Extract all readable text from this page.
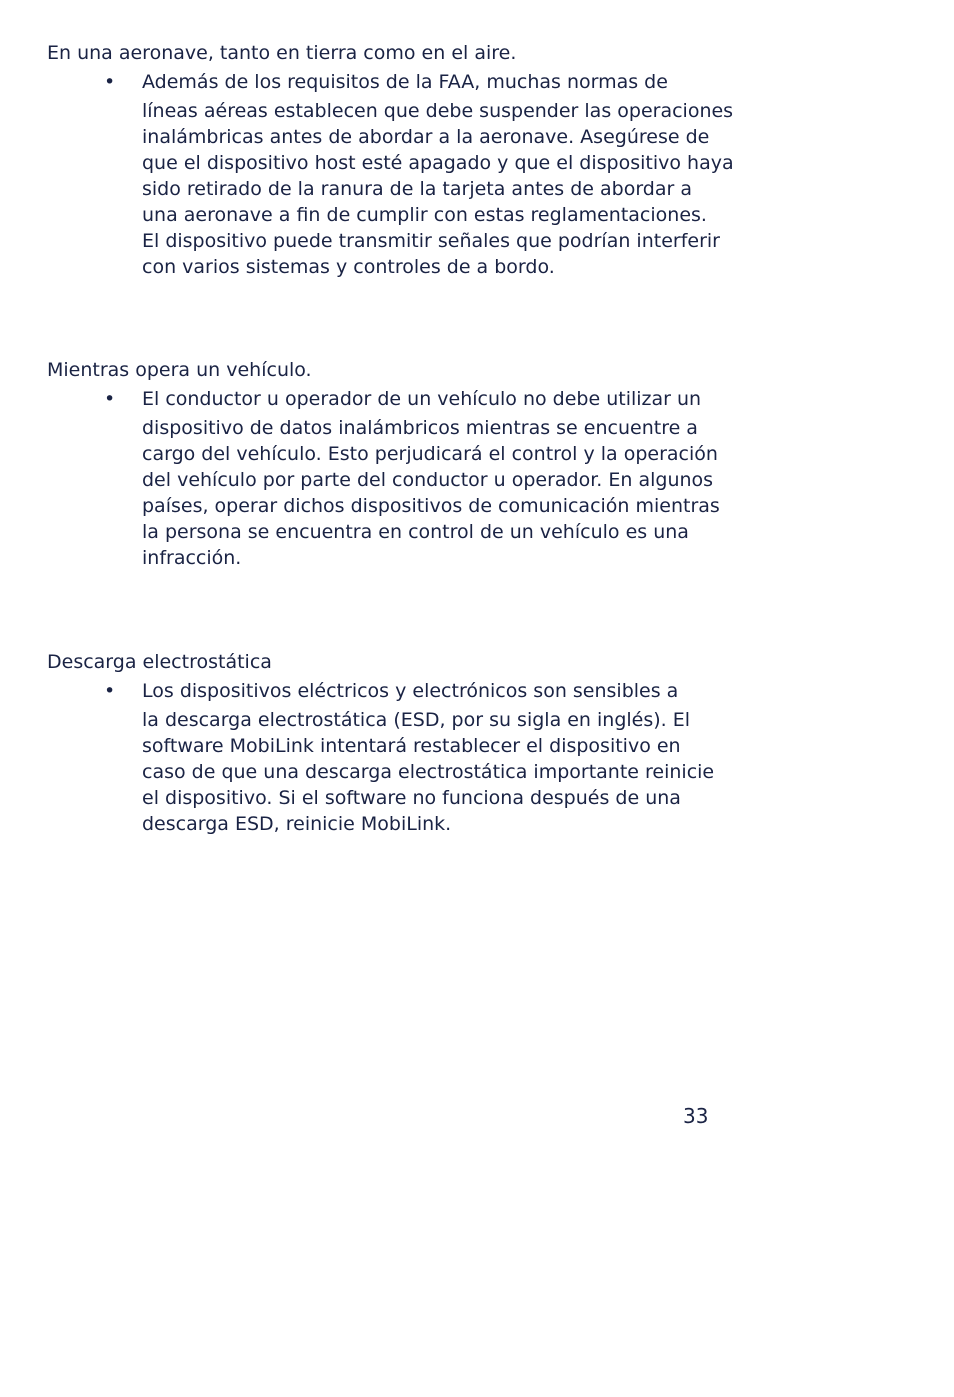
En una aeronave, tanto en tierra como en el aire.
• Además de los requisitos de la FAA, muchas normas de
líneas aéreas establecen que debe suspender las operaciones
inalámbricas antes de abordar a la aeronave. Asegúrese de
que el dispositivo host esté apagado y que el dispositivo haya
sido retirado de la ranura de la tarjeta antes de abordar a
una aeronave a fin de cumplir con estas reglamentaciones.
El dispositivo puede transmitir señales que podrían interferir
con varios sistemas y controles de a bordo.

Mientras opera un vehículo.
• El conductor u operador de un vehículo no debe utilizar un
dispositivo de datos inalámbricos mientras se encuentre a
cargo del vehículo. Esto perjudicará el control y la operación
del vehículo por parte del conductor u operador. En algunos
países, operar dichos dispositivos de comunicación mientras
la persona se encuentra en control de un vehículo es una
infracción.

Descarga electrostática
• Los dispositivos eléctricos y electrónicos son sensibles a
la descarga electrostática (ESD, por su sigla en inglés). El
software MobiLink intentará restablecer el dispositivo en
caso de que una descarga electrostática importante reinicie
el dispositivo. Si el software no funciona después de una
descarga ESD, reinicie MobiLink.

33
